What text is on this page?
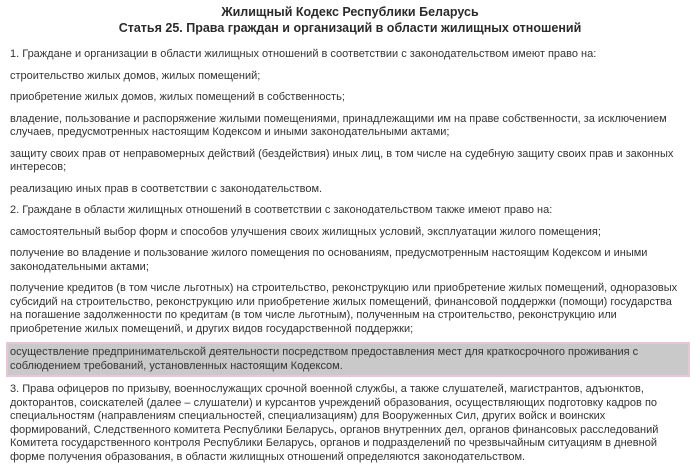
Жилищный Кодекс Республики Беларусь
Статья 25. Права граждан и организаций в области жилищных отношений

1. Граждане и организации в области жилищных отношений в соответствии с законодательством имеют право на:

строительство жилых домов, жилых помещений;

приобретение жилых домов, жилых помещений в собственность;

владение, пользование и распоряжение жилыми помещениями, принадлежащими им на праве собственности, за исключением случаев, предусмотренных настоящим Кодексом и иными законодательными актами;

защиту своих прав от неправомерных действий (бездействия) иных лиц, в том числе на судебную защиту своих прав и законных интересов;

реализацию иных прав в соответствии с законодательством.

2. Граждане в области жилищных отношений в соответствии с законодательством также имеют право на:

самостоятельный выбор форм и способов улучшения своих жилищных условий, эксплуатации жилого помещения;

получение во владение и пользование жилого помещения по основаниям, предусмотренным настоящим Кодексом и иными законодательными актами;

получение кредитов (в том числе льготных) на строительство, реконструкцию или приобретение жилых помещений, одноразовых субсидий на строительство, реконструкцию или приобретение жилых помещений, финансовой поддержки (помощи) государства на погашение задолженности по кредитам (в том числе льготным), полученным на строительство, реконструкцию или приобретение жилых помещений, и других видов государственной поддержки;

осуществление предпринимательской деятельности посредством предоставления мест для краткосрочного проживания с соблюдением требований, установленных настоящим Кодексом.

3. Права офицеров по призыву, военнослужащих срочной военной службы, а также слушателей, магистрантов, адъюнктов, докторантов, соискателей (далее – слушатели) и курсантов учреждений образования, осуществляющих подготовку кадров по специальностям (направлениям специальностей, специализациям) для Вооруженных Сил, других войск и воинских формирований, Следственного комитета Республики Беларусь, органов внутренних дел, органов финансовых расследований Комитета государственного контроля Республики Беларусь, органов и подразделений по чрезвычайным ситуациям в дневной форме получения образования, в области жилищных отношений определяются законодательством.
